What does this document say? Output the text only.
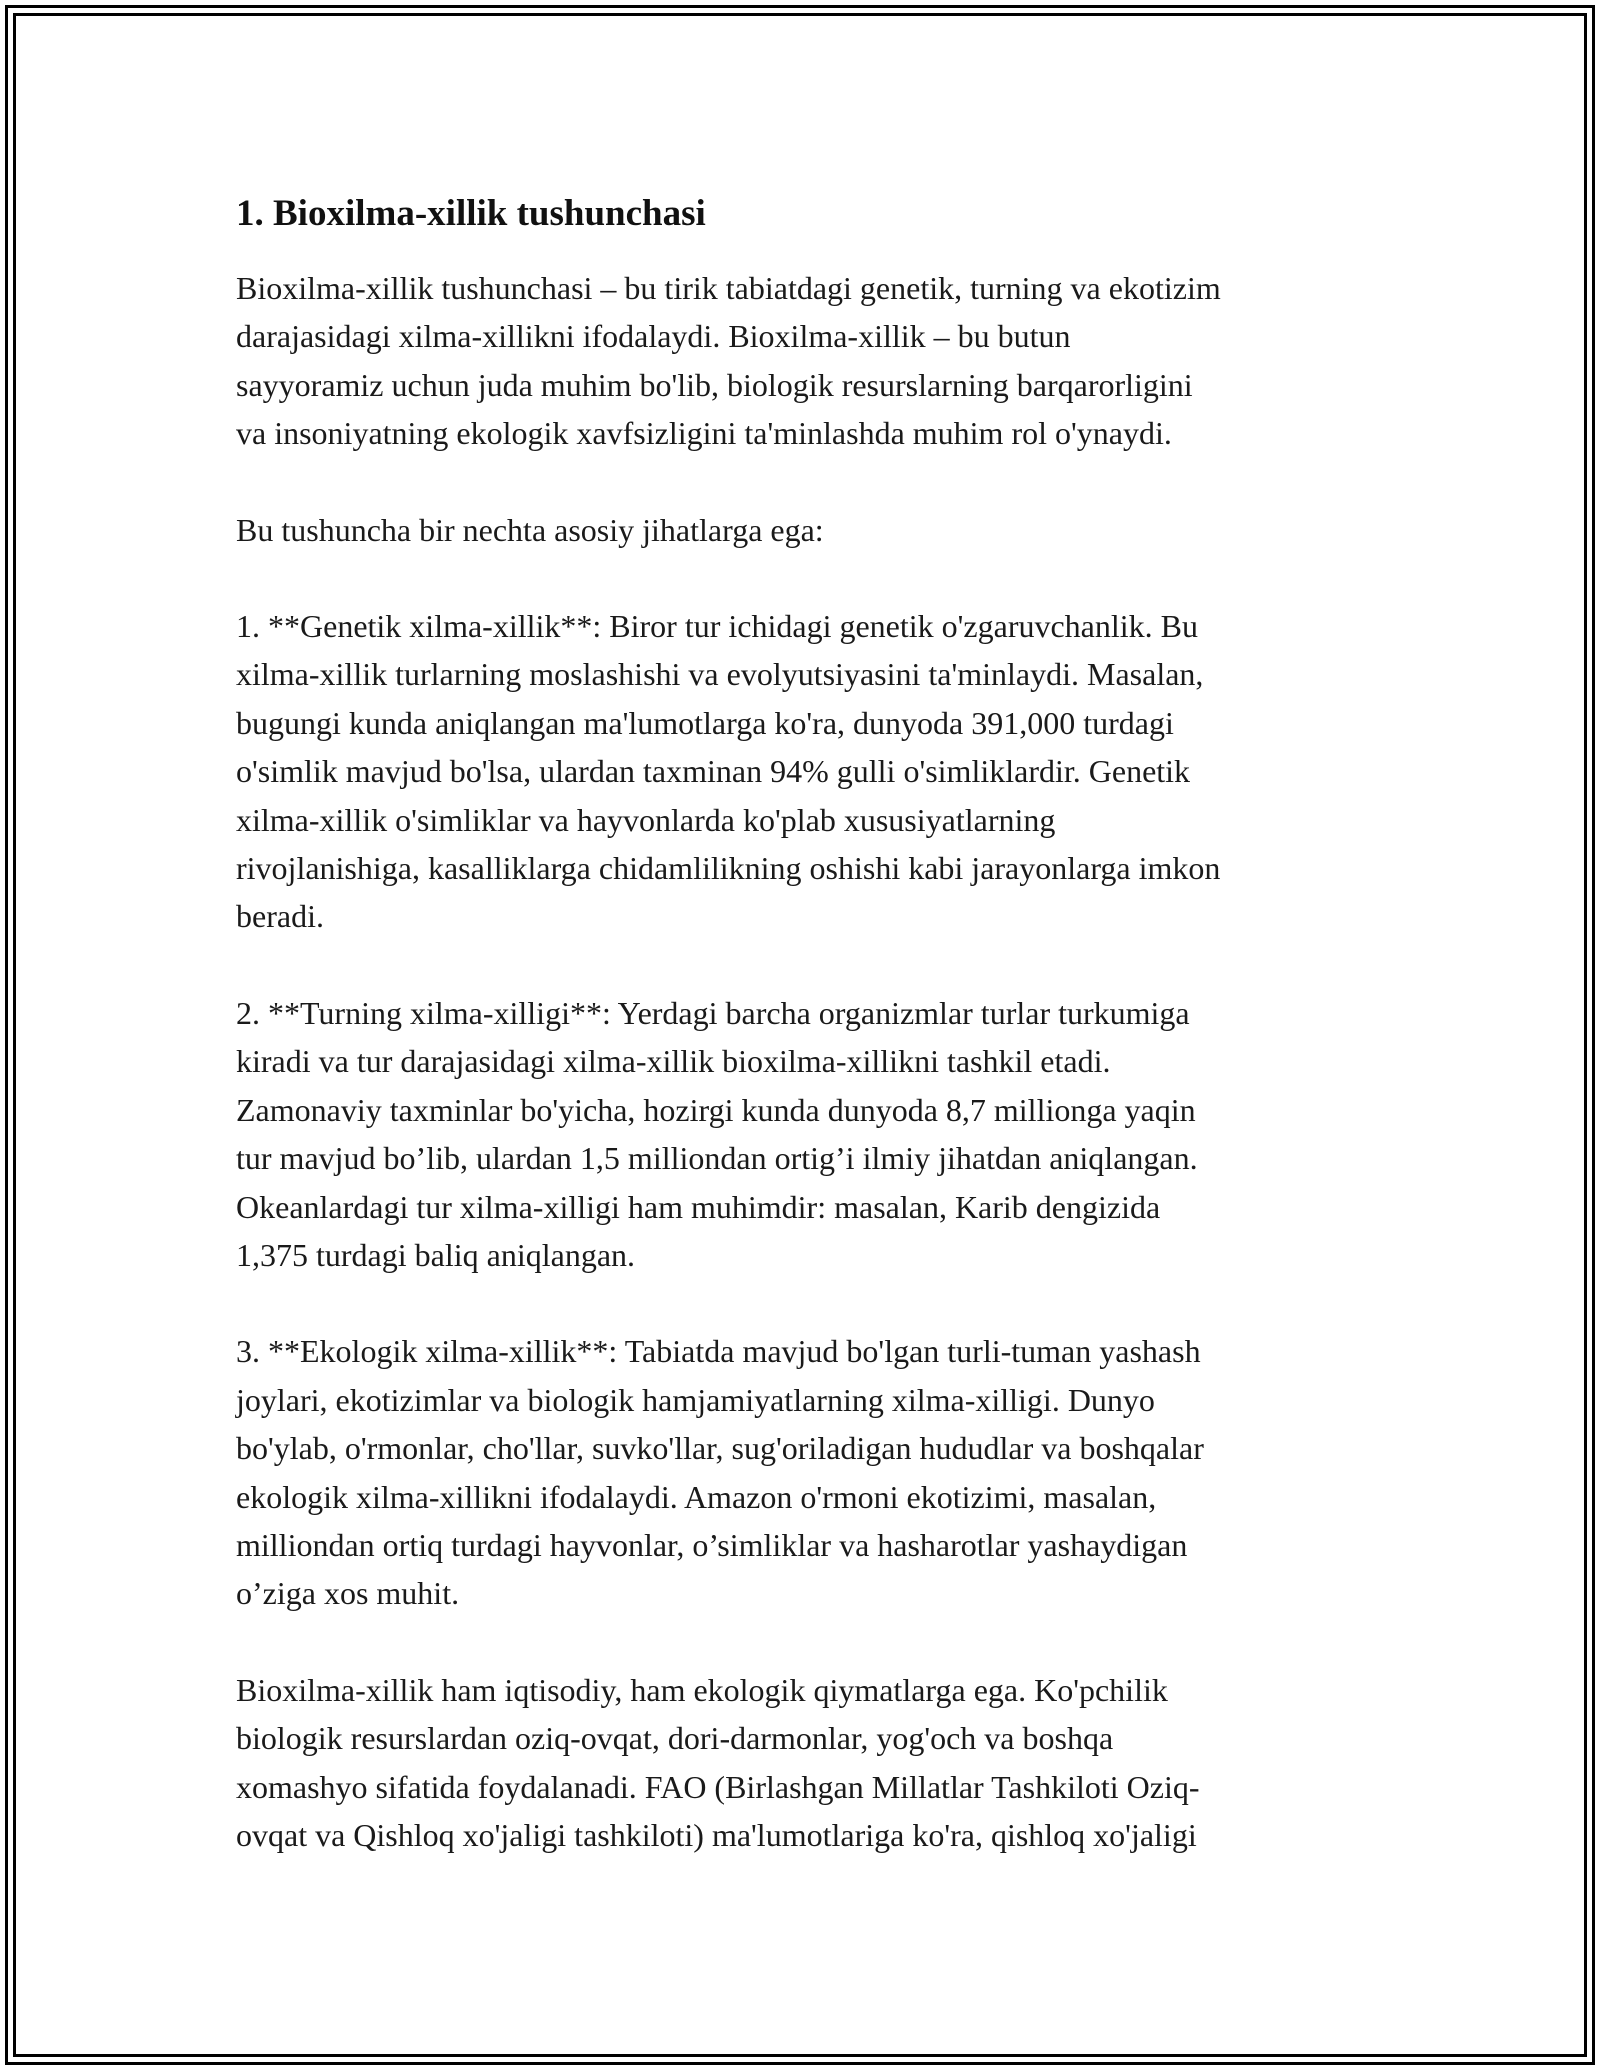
1. Bioxilma-xillik tushunchasi

Bioxilma-xillik tushunchasi – bu tirik tabiatdagi genetik, turning va ekotizim
darajasidagi xilma-xillikni ifodalaydi. Bioxilma-xillik – bu butun
sayyoramiz uchun juda muhim bo'lib, biologik resurslarning barqarorligini
va insoniyatning ekologik xavfsizligini ta'minlashda muhim rol o'ynaydi.

Bu tushuncha bir nechta asosiy jihatlarga ega:

1. **Genetik xilma-xillik**: Biror tur ichidagi genetik o'zgaruvchanlik. Bu
xilma-xillik turlarning moslashishi va evolyutsiyasini ta'minlaydi. Masalan,
bugungi kunda aniqlangan ma'lumotlarga ko'ra, dunyoda 391,000 turdagi
o'simlik mavjud bo'lsa, ulardan taxminan 94% gulli o'simliklardir. Genetik
xilma-xillik o'simliklar va hayvonlarda ko'plab xususiyatlarning
rivojlanishiga, kasalliklarga chidamlilikning oshishi kabi jarayonlarga imkon
beradi.

2. **Turning xilma-xilligi**: Yerdagi barcha organizmlar turlar turkumiga
kiradi va tur darajasidagi xilma-xillik bioxilma-xillikni tashkil etadi.
Zamonaviy taxminlar bo'yicha, hozirgi kunda dunyoda 8,7 millionga yaqin
tur mavjud bo’lib, ulardan 1,5 milliondan ortig’i ilmiy jihatdan aniqlangan.
Okeanlardagi tur xilma-xilligi ham muhimdir: masalan, Karib dengizida
1,375 turdagi baliq aniqlangan.

3. **Ekologik xilma-xillik**: Tabiatda mavjud bo'lgan turli-tuman yashash
joylari, ekotizimlar va biologik hamjamiyatlarning xilma-xilligi. Dunyo
bo'ylab, o'rmonlar, cho'llar, suvko'llar, sug'oriladigan hududlar va boshqalar
ekologik xilma-xillikni ifodalaydi. Amazon o'rmoni ekotizimi, masalan,
milliondan ortiq turdagi hayvonlar, o’simliklar va hasharotlar yashaydigan
o’ziga xos muhit.

Bioxilma-xillik ham iqtisodiy, ham ekologik qiymatlarga ega. Ko'pchilik
biologik resurslardan oziq-ovqat, dori-darmonlar, yog'och va boshqa
xomashyo sifatida foydalanadi. FAO (Birlashgan Millatlar Tashkiloti Oziq-
ovqat va Qishloq xo'jaligi tashkiloti) ma'lumotlariga ko'ra, qishloq xo'jaligi
